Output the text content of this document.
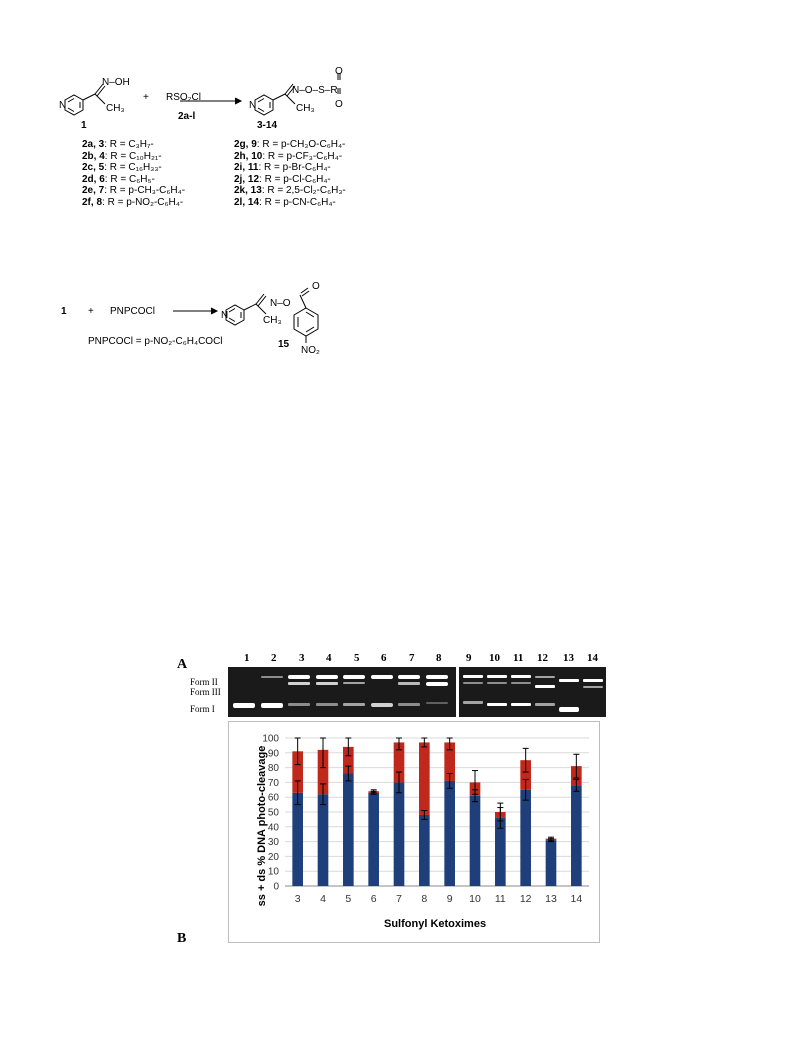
N	N
N–OH
CH₃
1
+ RSO₂Cl
2a-l
O
N–O–S–R
O
CH₃
3-14
2a, 3: R = C₃H₇-
2b, 4: R = C₁₀H₂₁-
2c, 5: R = C₁₆H₃₃-
2d, 6: R = C₆H₅-
2e, 7: R = p-CH₃-C₆H₄-
2f, 8: R = p-NO₂-C₆H₄-
2g, 9: R = p-CH₃O-C₆H₄-
2h, 10: R = p-CF₃-C₆H₄-
2i, 11: R = p-Br-C₆H₄-
2j, 12: R = p-Cl-C₆H₄-
2k, 13: R = 2,5-Cl₂-C₆H₃-
2l, 14: R = p-CN-C₆H₄-
1 + PNPCOCl
PNPCOCl = p-NO₂-C₆H₄COCl
N
O
N–O
CH₃
15
NO₂
A	1 2 3 4 5 6 7 8 9 10 11 12 13 14
Form II
Form III
Form I
0
10
20
30
40
50
60
70
80
90
100
3 4 5 6 7 8 9 10 11 12 13 14
ss + ds % DNA photo-cleavage
Sulfonyl Ketoximes
B
